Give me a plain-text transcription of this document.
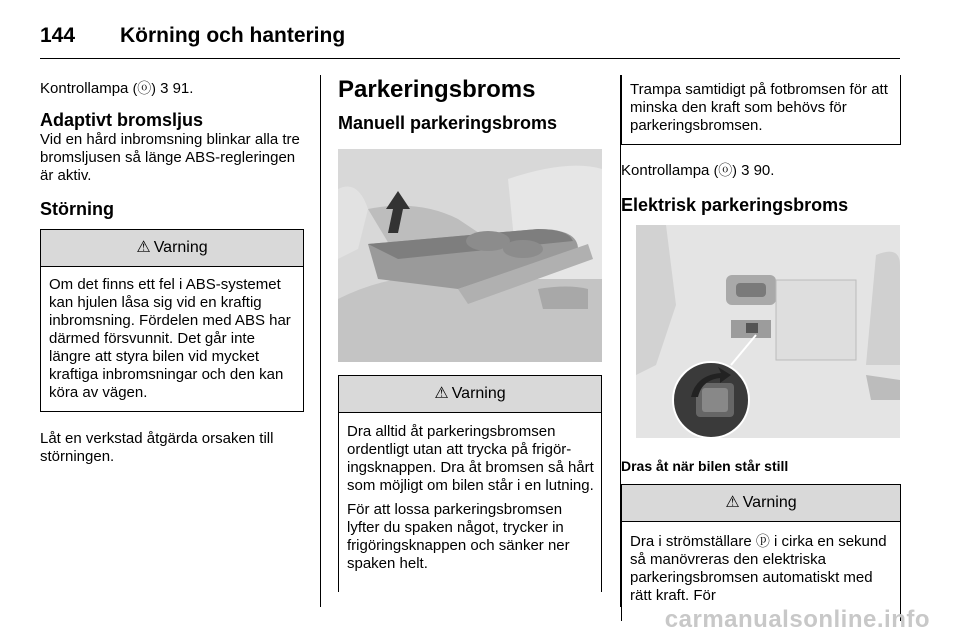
144	Körning och hantering

Kontrollampa (ⓞ) 3 91.

Adaptivt bromsljus

Vid en hård inbromsning blinkar alla tre bromsljusen så länge ABS-regleringen är aktiv.

Störning

⚠ Varning

Om det finns ett fel i ABS-systemet kan hjulen låsa sig vid en kraftig inbromsning. Fördelen med ABS har därmed försvunnit. Det går inte längre att styra bilen vid mycket kraftiga inbromsningar och den kan köra av vägen.

Låt en verkstad åtgärda orsaken till störningen.

Parkeringsbroms

Manuell parkeringsbroms

⚠ Varning

Dra alltid åt parkeringsbromsen ordentligt utan att trycka på frigöringsknappen. Dra åt bromsen så hårt som möjligt om bilen står i en lutning.

För att lossa parkeringsbromsen lyfter du spaken något, trycker in frigöringsknappen och sänker ner spaken helt.

Trampa samtidigt på fotbromsen för att minska den kraft som behövs för parkeringsbromsen.

Kontrollampa (ⓞ) 3 90.

Elektrisk parkeringsbroms

Dras åt när bilen står still

⚠ Varning

Dra i strömställare ⓟ i cirka en sekund så manövreras den elektriska parkeringsbromsen automatiskt med rätt kraft. För

carmanualsonline.info
